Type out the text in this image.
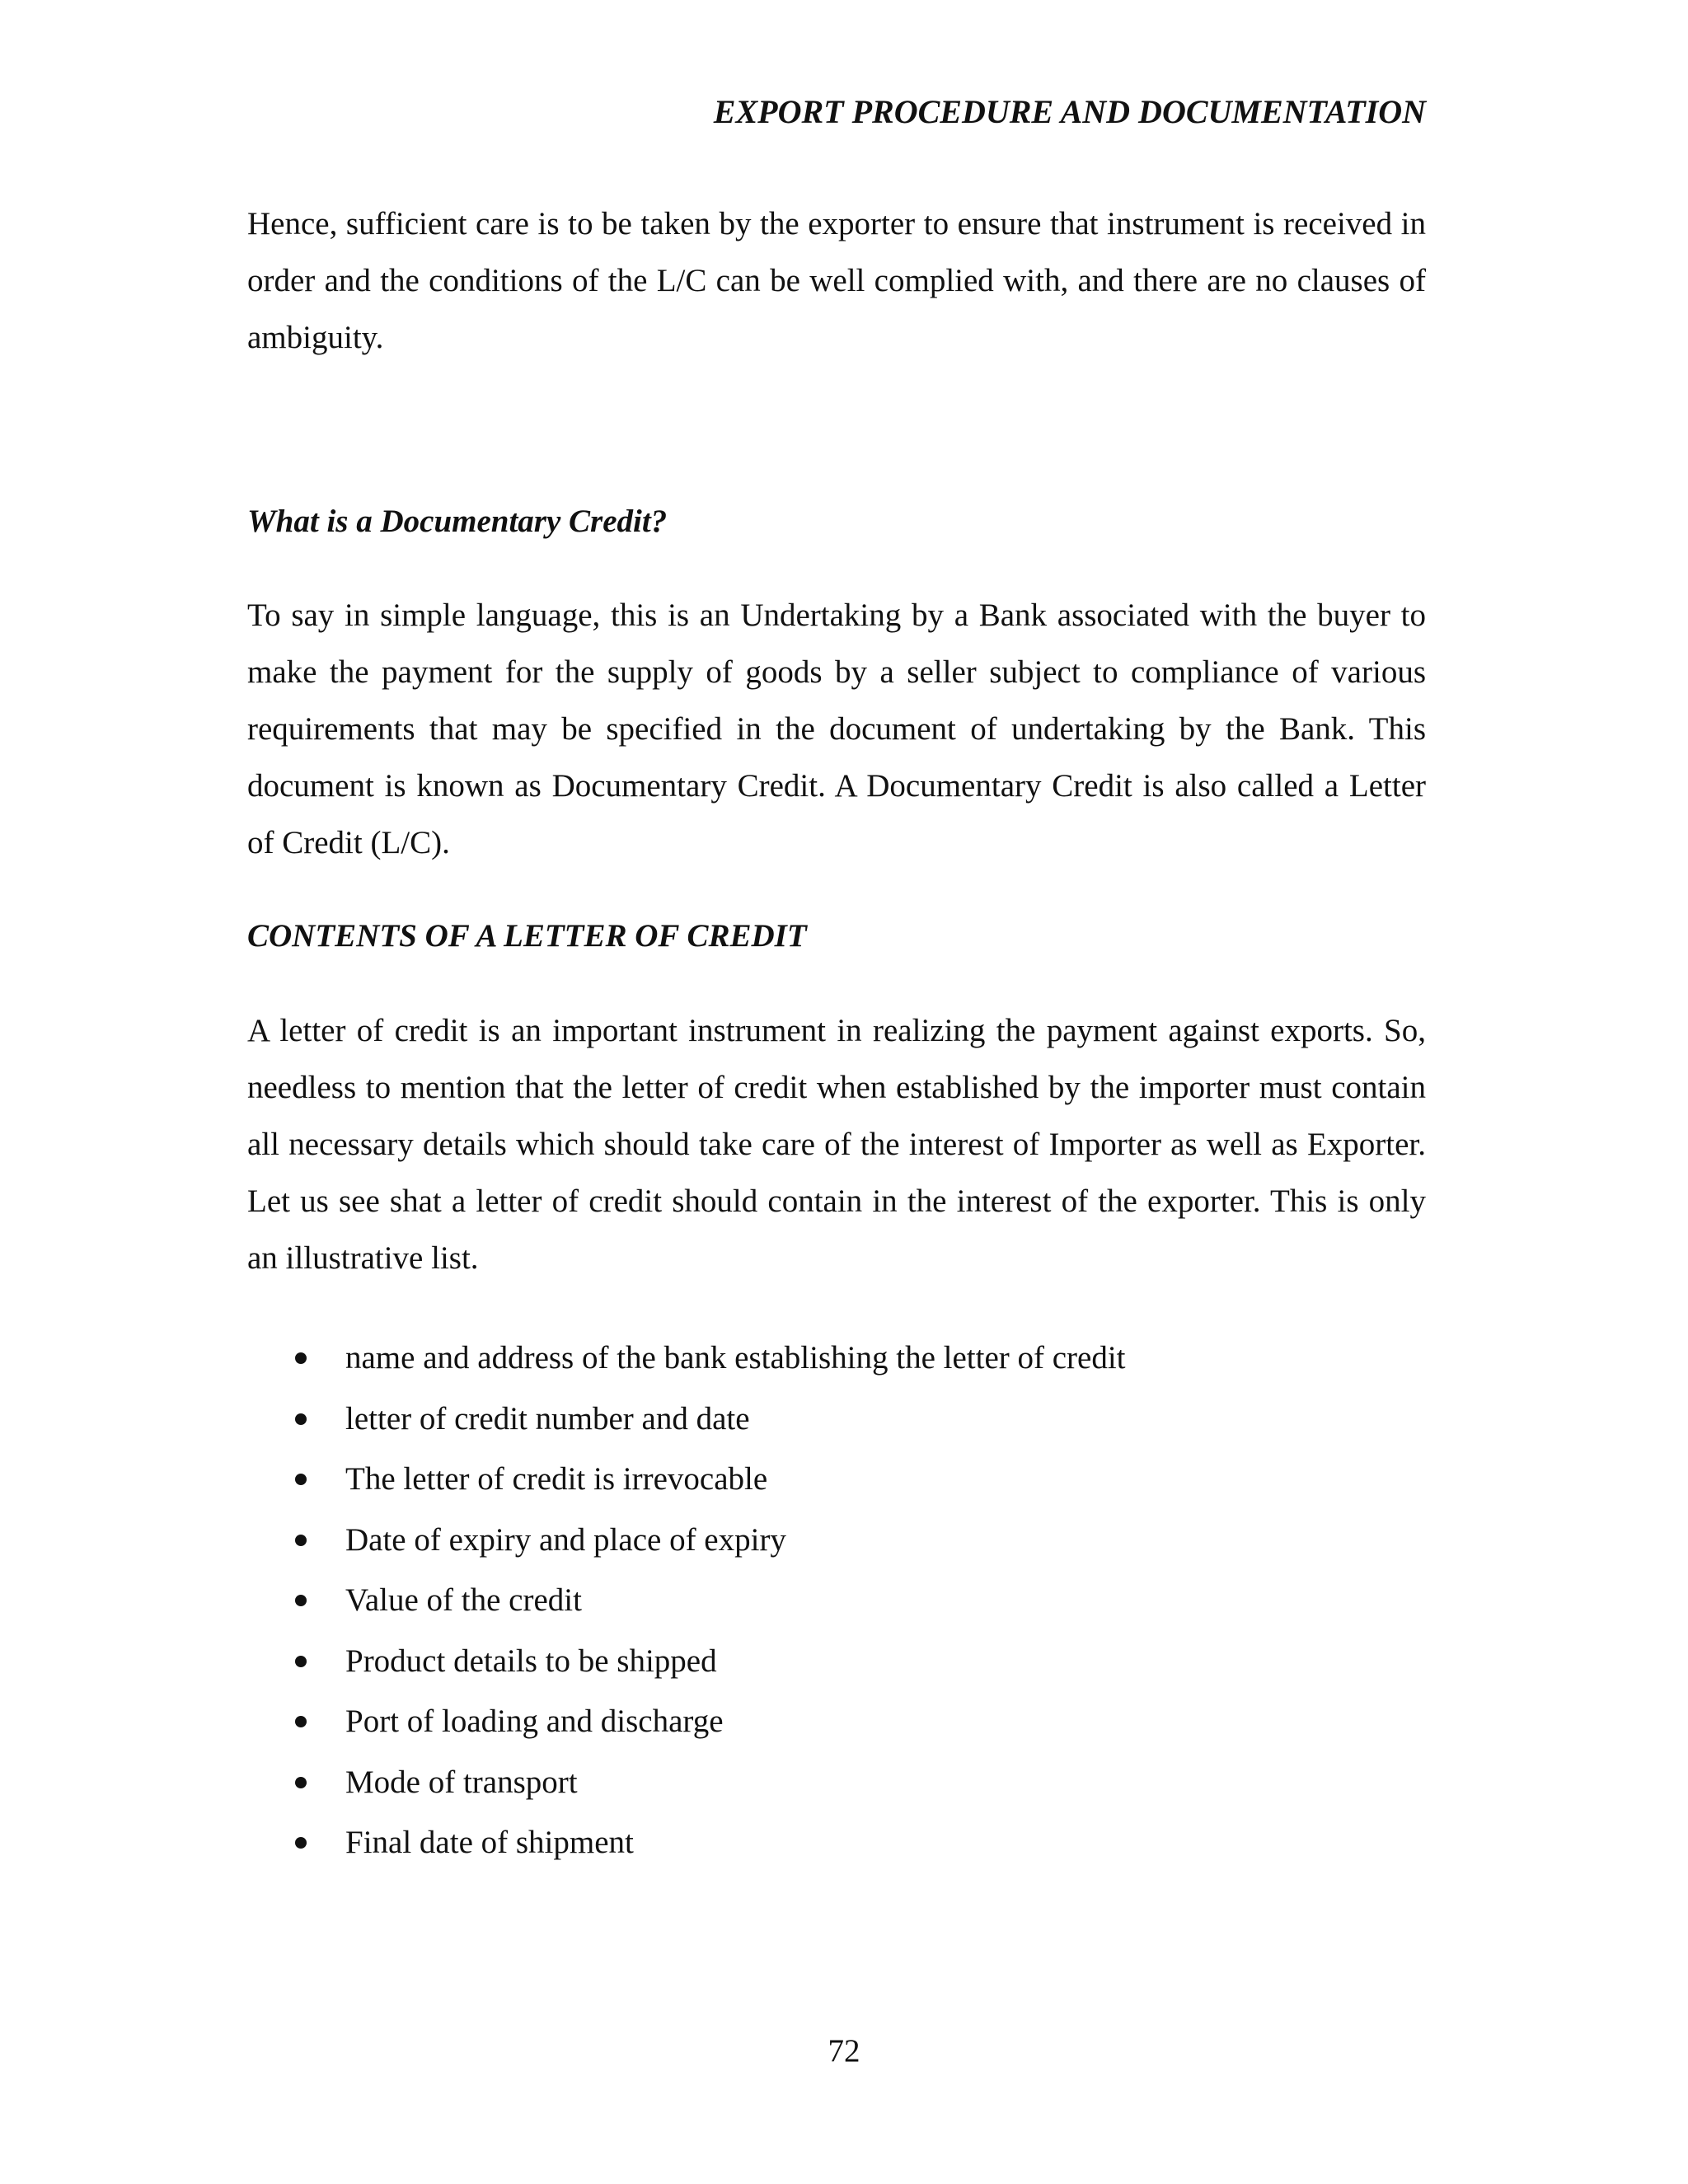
EXPORT PROCEDURE AND DOCUMENTATION

Hence, sufficient care is to be taken by the exporter to ensure that instrument is received in order and the conditions of the L/C can be well complied with, and there are no clauses of ambiguity.

What is a Documentary Credit?

To say in simple language, this is an Undertaking by a Bank associated with the buyer to make the payment for the supply of goods by a seller subject to compliance of various requirements that may be specified in the document of undertaking by the Bank. This document is known as Documentary Credit. A Documentary Credit is also called a Letter of Credit (L/C).

CONTENTS OF A LETTER OF CREDIT

A letter of credit is an important instrument in realizing the payment against exports. So, needless to mention that the letter of credit when established by the importer must contain all necessary details which should take care of the interest of Importer as well as Exporter. Let us see shat a letter of credit should contain in the interest of the exporter. This is only an illustrative list.

name and address of the bank establishing the letter of credit
letter of credit number and date
The letter of credit is irrevocable
Date of expiry and place of expiry
Value of the credit
Product details to be shipped
Port of loading and discharge
Mode of transport
Final date of shipment
72
